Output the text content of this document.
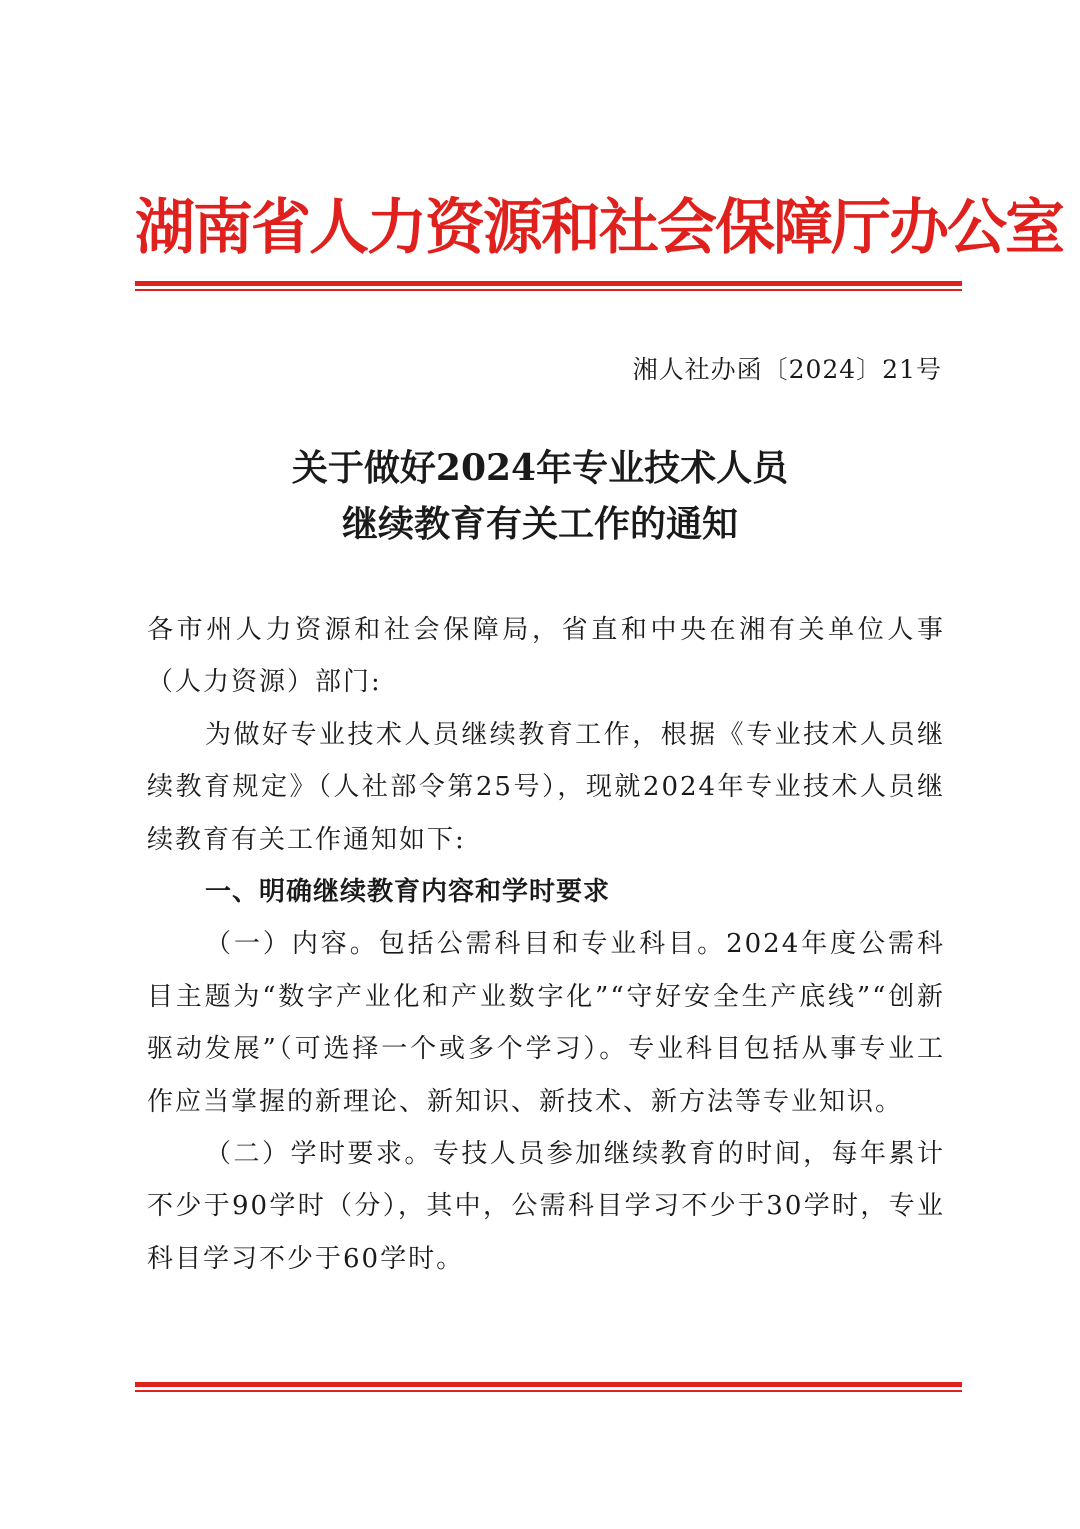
湖南省人力资源和社会保障厅办公室
湘人社办函〔2024〕21号
关于做好2024年专业技术人员
继续教育有关工作的通知

各市州人力资源和社会保障局，省直和中央在湘有关单位人事（人力资源）部门:

为做好专业技术人员继续教育工作，根据《专业技术人员继续教育规定》（人社部令第25号），现就2024年专业技术人员继续教育有关工作通知如下:

一、明确继续教育内容和学时要求

（一）内容。包括公需科目和专业科目。2024年度公需科目主题为“数字产业化和产业数字化”“守好安全生产底线”“创新驱动发展”（可选择一个或多个学习）。专业科目包括从事专业工作应当掌握的新理论、新知识、新技术、新方法等专业知识。

（二）学时要求。专技人员参加继续教育的时间，每年累计不少于90学时（分），其中，公需科目学习不少于30学时，专业科目学习不少于60学时。
